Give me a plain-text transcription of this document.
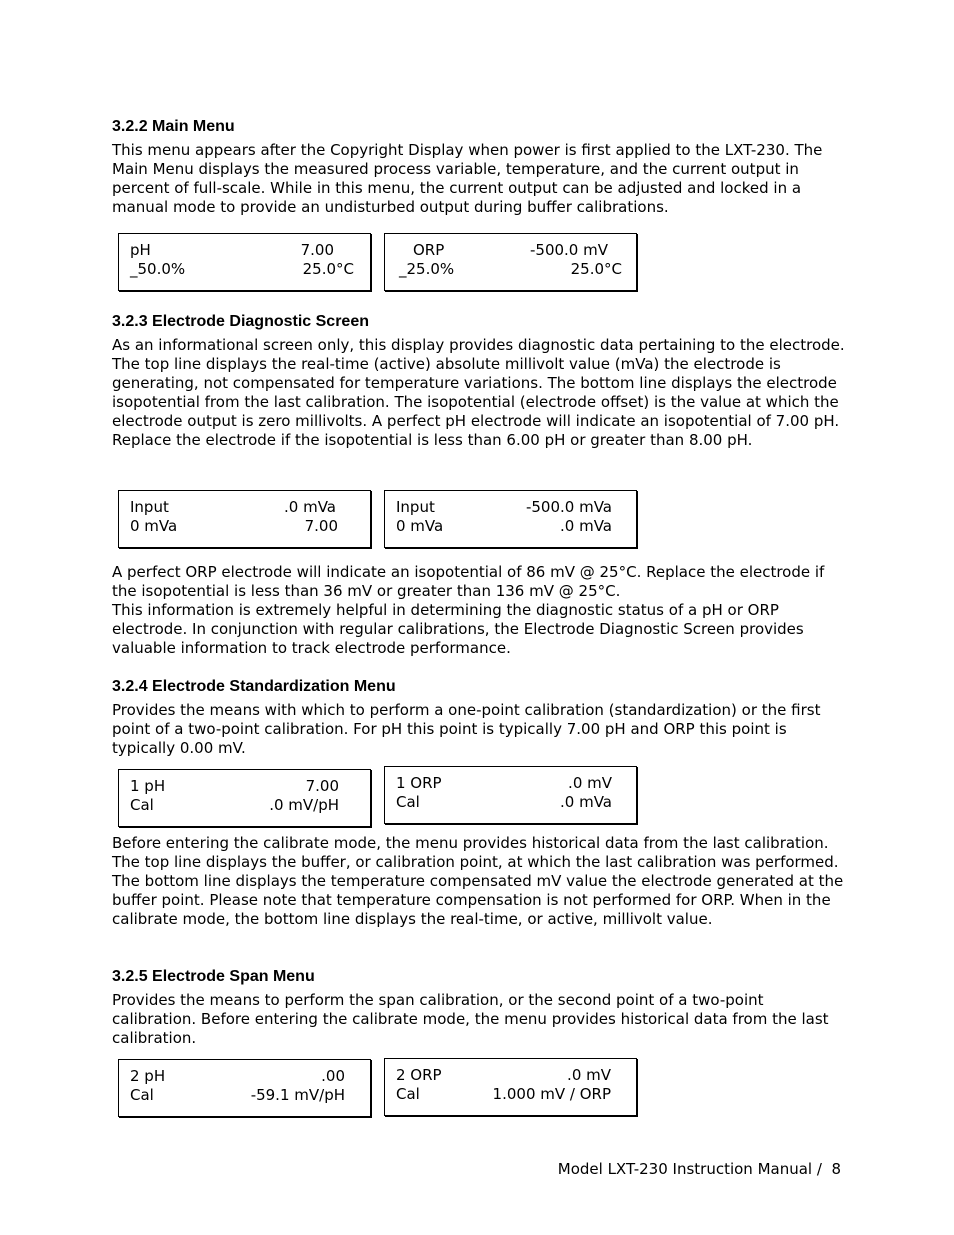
3.2.2 Main Menu

This menu appears after the Copyright Display when power is first applied to the LXT-230. The Main Menu displays the measured process variable, temperature, and the current output in percent of full-scale. While in this menu, the current output can be adjusted and locked in a manual mode to provide an undisturbed output during buffer calibrations.

pH	7.00
_50.0%	25.0°C
ORP	-500.0 mV
_25.0%	25.0°C
3.2.3 Electrode Diagnostic Screen

As an informational screen only, this display provides diagnostic data pertaining to the electrode. The top line displays the real-time (active) absolute millivolt value (mVa) the electrode is generating, not compensated for temperature variations. The bottom line displays the electrode isopotential from the last calibration. The isopotential (electrode offset) is the value at which the electrode output is zero millivolts. A perfect pH electrode will indicate an isopotential of 7.00 pH. Replace the electrode if the isopotential is less than 6.00 pH or greater than 8.00 pH.

Input	.0 mVa
0 mVa	7.00
Input	-500.0 mVa
0 mVa	.0 mVa

A perfect ORP electrode will indicate an isopotential of 86 mV @ 25°C. Replace the electrode if the isopotential is less than 36 mV or greater than 136 mV @ 25°C.

This information is extremely helpful in determining the diagnostic status of a pH or ORP electrode. In conjunction with regular calibrations, the Electrode Diagnostic Screen provides valuable information to track electrode performance.

3.2.4 Electrode Standardization Menu

Provides the means with which to perform a one-point calibration (standardization) or the first point of a two-point calibration. For pH this point is typically 7.00 pH and ORP this point is typically 0.00 mV.

1 pH	7.00
Cal	.0 mV/pH
1 ORP	.0 mV
Cal	.0 mVa

Before entering the calibrate mode, the menu provides historical data from the last calibration. The top line displays the buffer, or calibration point, at which the last calibration was performed. The bottom line displays the temperature compensated mV value the electrode generated at the buffer point. Please note that temperature compensation is not performed for ORP. When in the calibrate mode, the bottom line displays the real-time, or active, millivolt value.

3.2.5 Electrode Span Menu

Provides the means to perform the span calibration, or the second point of a two-point calibration. Before entering the calibrate mode, the menu provides historical data from the last calibration.

2 pH	.00
Cal	-59.1 mV/pH
2 ORP	.0 mV
Cal	1.000 mV / ORP
Model LXT-230 Instruction Manual /  8
